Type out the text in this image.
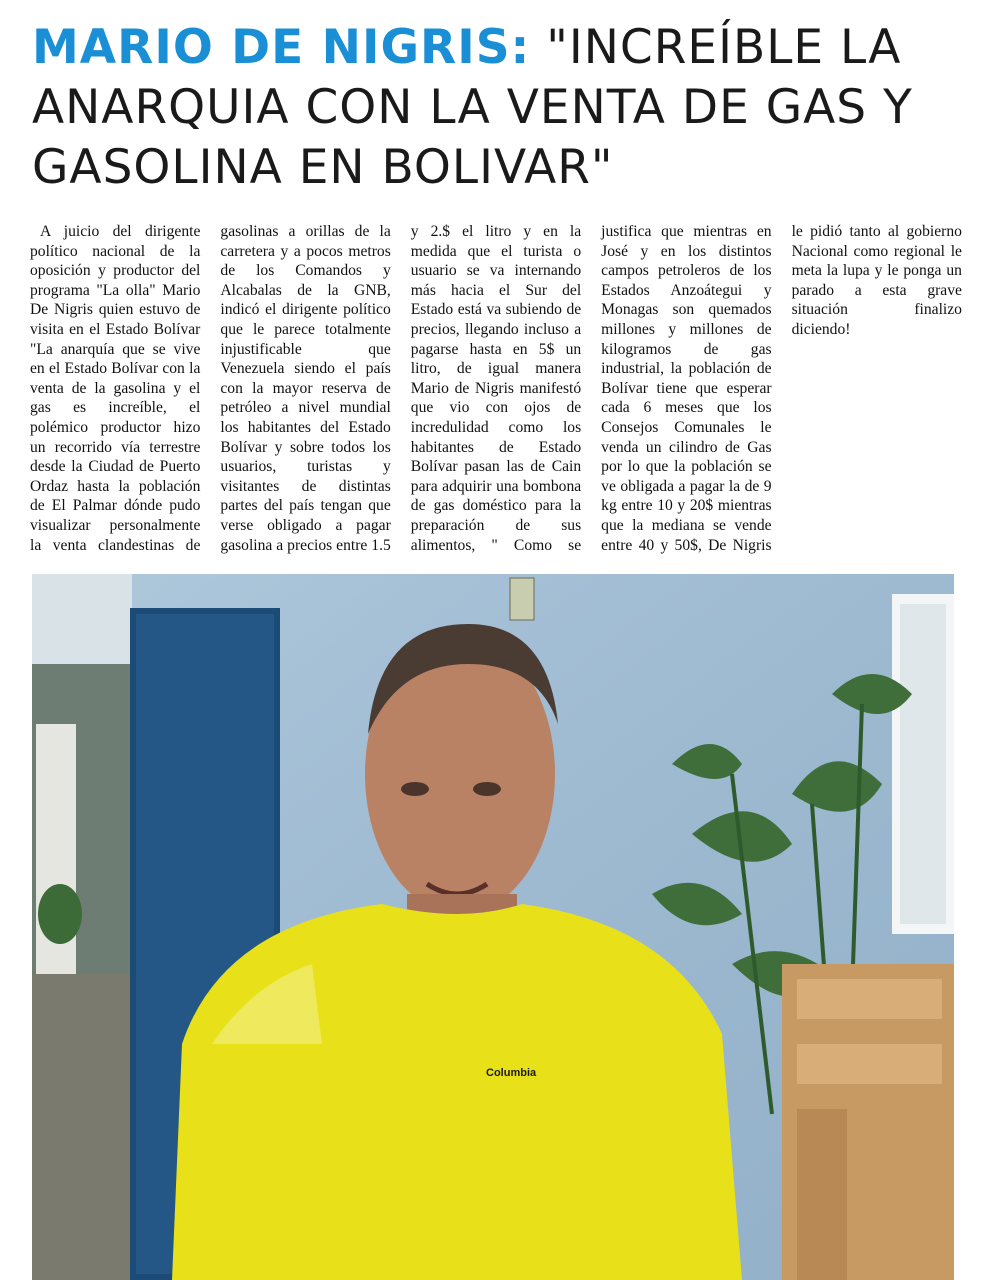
MARIO DE NIGRIS: "INCREÍBLE LA ANARQUIA CON LA VENTA DE GAS Y GASOLINA EN BOLIVAR"

A juicio del dirigente político nacional de la oposición y productor del programa "La olla" Mario De Nigris quien estuvo de visita en el Estado Bolívar "La anarquía que se vive en el Estado Bolívar con la venta de la gasolina y el gas es increíble, el polémico productor hizo un recorrido vía terrestre desde la Ciudad de Puerto Ordaz hasta la población de El Palmar dónde pudo visualizar personalmente la venta clandestinas de gasolinas a orillas de la carretera y a pocos metros de los Comandos y Alcabalas de la GNB, indicó el dirigente político que le parece totalmente injustificable que Venezuela siendo el país con la mayor reserva de petróleo a nivel mundial los habitantes del Estado Bolívar y sobre todos los usuarios, turistas y visitantes de distintas partes del país tengan que verse obligado a pagar gasolina a precios entre 1.5 y 2.$ el litro y en la medida que el turista o usuario se va internando más hacia el Sur del Estado está va subiendo de precios, llegando incluso a pagarse hasta en 5$ un litro, de igual manera Mario de Nigris manifestó que vio con ojos de incredulidad como los habitantes de Estado Bolívar pasan las de Cain para adquirir una bombona de gas doméstico para la preparación de sus alimentos, " Como se justifica que mientras en José y en los distintos campos petroleros de los Estados Anzoátegui y Monagas son quemados millones y millones de kilogramos de gas industrial, la población de Bolívar tiene que esperar cada 6 meses que los Consejos Comunales le venda un cilindro de Gas por lo que la población se ve obligada a pagar la de 9 kg entre 10 y 20$ mientras que la mediana se vende entre 40 y 50$, De Nigris le pidió tanto al gobierno Nacional como regional le meta la lupa y le ponga un parado a esta grave situación finalizo diciendo!

Columbia
